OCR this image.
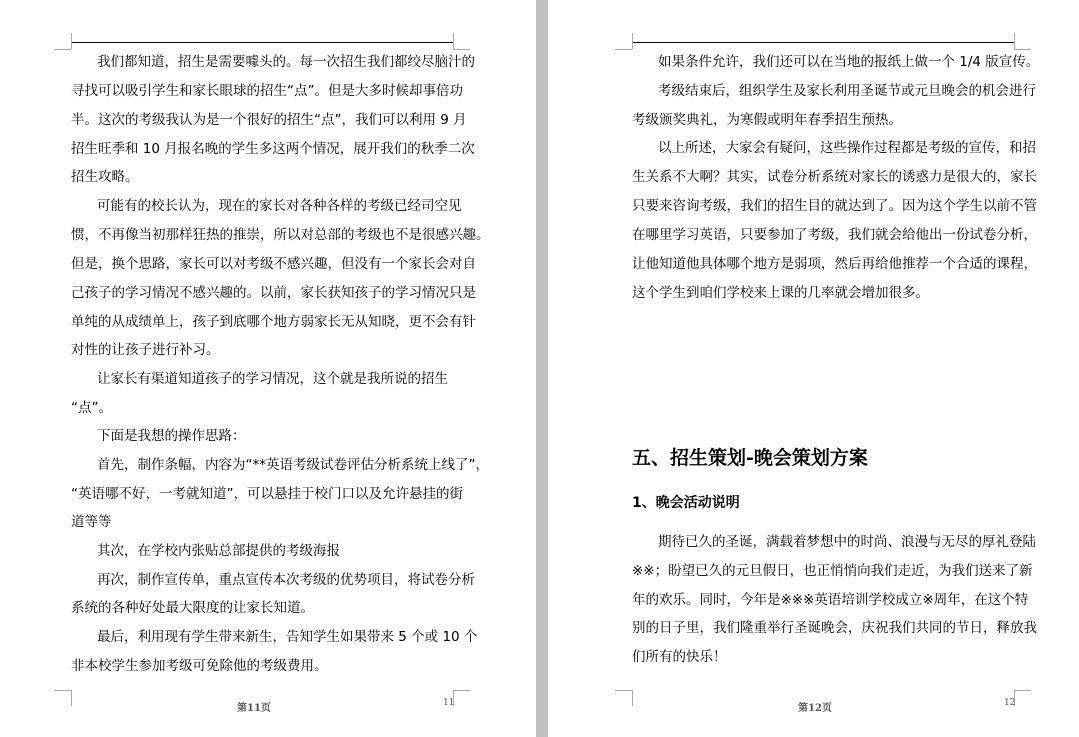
我们都知道，招生是需要噱头的。每一次招生我们都绞尽脑汁的
寻找可以吸引学生和家长眼球的招生“点”。但是大多时候却事倍功
半。这次的考级我认为是一个很好的招生“点”，我们可以利用 9 月
招生旺季和 10 月报名晚的学生多这两个情况，展开我们的秋季二次
招生攻略。
可能有的校长认为，现在的家长对各种各样的考级已经司空见
惯，不再像当初那样狂热的推崇，所以对总部的考级也不是很感兴趣。
但是，换个思路，家长可以对考级不感兴趣，但没有一个家长会对自
己孩子的学习情况不感兴趣的。以前，家长获知孩子的学习情况只是
单纯的从成绩单上，孩子到底哪个地方弱家长无从知晓，更不会有针
对性的让孩子进行补习。
让家长有渠道知道孩子的学习情况，这个就是我所说的招生
“点”。
下面是我想的操作思路：
首先，制作条幅，内容为“**英语考级试卷评估分析系统上线了”，
“英语哪不好，一考就知道”，可以悬挂于校门口以及允许悬挂的街
道等等
其次，在学校内张贴总部提供的考级海报
再次，制作宣传单，重点宣传本次考级的优势项目，将试卷分析
系统的各种好处最大限度的让家长知道。
最后，利用现有学生带来新生，告知学生如果带来 5 个或 10 个
非本校学生参加考级可免除他的考级费用。
第11页	11
如果条件允许，我们还可以在当地的报纸上做一个 1/4 版宣传。
考级结束后，组织学生及家长利用圣诞节或元旦晚会的机会进行
考级颁奖典礼，为寒假或明年春季招生预热。
以上所述，大家会有疑问，这些操作过程都是考级的宣传，和招
生关系不大啊？其实，试卷分析系统对家长的诱惑力是很大的，家长
只要来咨询考级，我们的招生目的就达到了。因为这个学生以前不管
在哪里学习英语，只要参加了考级，我们就会给他出一份试卷分析，
让他知道他具体哪个地方是弱项，然后再给他推荐一个合适的课程，
这个学生到咱们学校来上课的几率就会增加很多。
五、招生策划-晚会策划方案
1、晚会活动说明
期待已久的圣诞，满载着梦想中的时尚、浪漫与无尽的厚礼登陆
※※；盼望已久的元旦假日，也正悄悄向我们走近，为我们送来了新
年的欢乐。同时，今年是※※※英语培训学校成立※周年，在这个特
别的日子里，我们隆重举行圣诞晚会，庆祝我们共同的节日，释放我
们所有的快乐！
第12页	12
